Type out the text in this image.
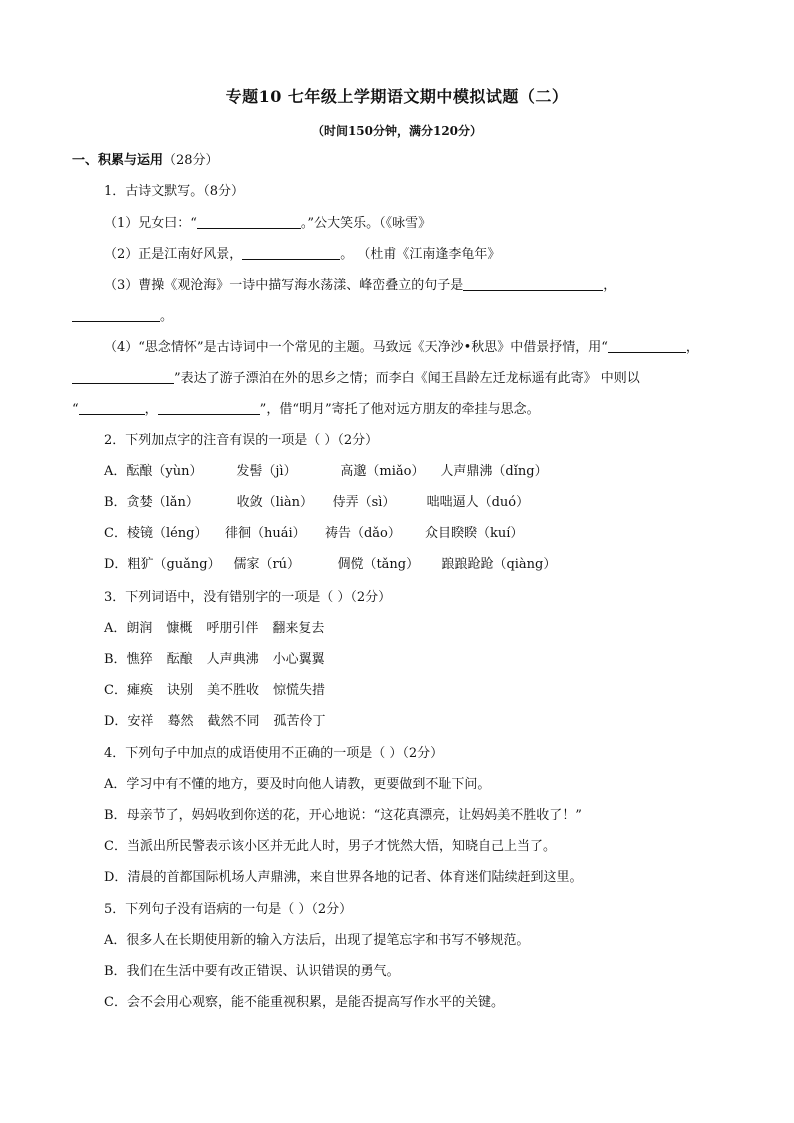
专题10 七年级上学期语文期中模拟试题（二）
（时间150分钟，满分120分）
一、积累与运用（28分）
1．古诗文默写。（8分）
（1）兄女曰：“	。”公大笑乐。（《咏雪》
（2）正是江南好风景，	。 （杜甫《江南逢李龟年》
（3）曹操《观沧海》一诗中描写海水荡漾、峰峦叠立的句子是	，
。
（4）“思念情怀”是古诗词中一个常见的主题。马致远《天净沙•秋思》中借景抒情，用“	，
”表达了游子漂泊在外的思乡之情；而李白《闻王昌龄左迁龙标遥有此寄》 中则以
“	，	”，借“明月”寄托了他对远方朋友的牵挂与思念。
2．下列加点字的注音有误的一项是（ ）（2分）
A．酝酿（yùn）	发髻（jì）	高邈（miǎo） 人声鼎沸（dǐng）
B．贪婪（lǎn）	收敛（liàn） 侍弄（sì） 咄咄逼人（duó）
C．棱镜（léng） 徘徊（huái） 祷告（dǎo） 众目睽睽（kuí）
D．粗犷（guǎng） 儒家（rú）	倜傥（tǎng） 踉踉跄跄（qiàng）
3．下列词语中，没有错别字的一项是（ ）（2分）
A．朗润 慷概 呼朋引伴 翻来复去
B．憔猝 酝酿 人声典沸 小心翼翼
C．瘫痪 诀别 美不胜收 惊慌失措
D．安祥 蓦然 截然不同 孤苦伶丁
4．下列句子中加点的成语使用不正确的一项是（ ）（2分）
A．学习中有不懂的地方，要及时向他人请教，更要做到不耻下问。
B．母亲节了，妈妈收到你送的花，开心地说：“这花真漂亮，让妈妈美不胜收了！”
C．当派出所民警表示该小区并无此人时，男子才恍然大悟，知晓自己上当了。
D．清晨的首都国际机场人声鼎沸，来自世界各地的记者、体育迷们陆续赶到这里。
5．下列句子没有语病的一句是（ ）（2分）
A．很多人在长期使用新的输入方法后，出现了提笔忘字和书写不够规范。
B．我们在生活中要有改正错误、认识错误的勇气。
C．会不会用心观察，能不能重视积累，是能否提高写作水平的关键。
